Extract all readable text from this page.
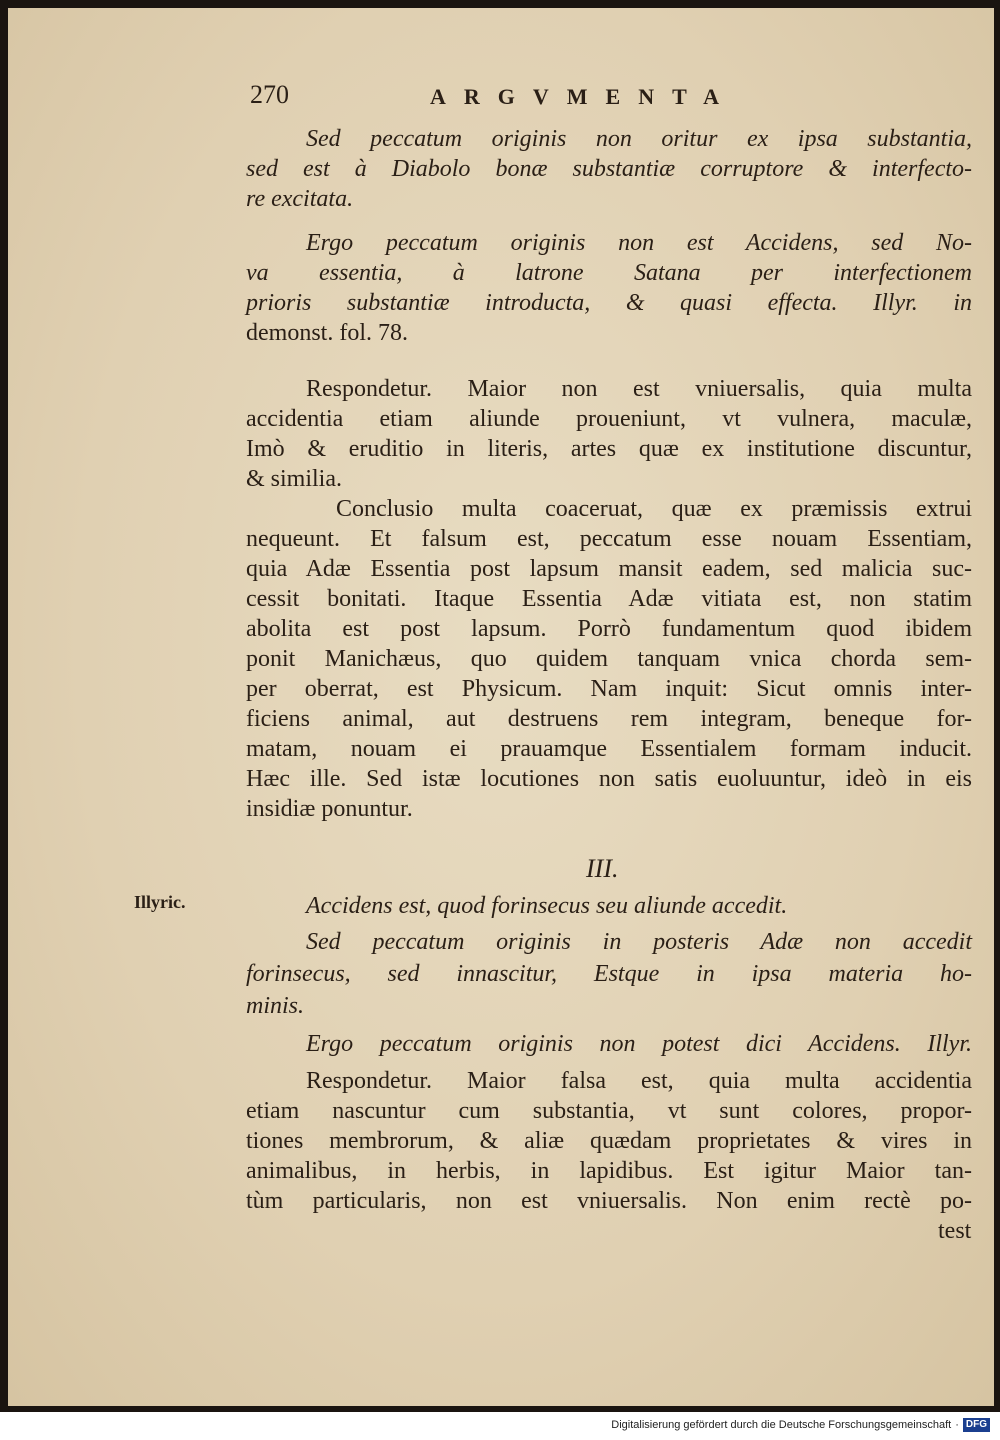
270	ARGVMENTA
Sed peccatum originis non oritur ex ipsa substantia,
sed est à Diabolo bonæ substantiæ corruptore & interfecto-
re excitata.
Ergo peccatum originis non est Accidens, sed No-
va essentia, à latrone Satana per interfectionem
prioris substantiæ introducta, & quasi effecta. Illyr. in
demonst. fol. 78.
Respondetur. Maior non est vniuersalis, quia multa
accidentia etiam aliunde proueniunt, vt vulnera, maculæ,
Imò & eruditio in literis, artes quæ ex institutione discuntur,
& similia.
Conclusio multa coaceruat, quæ ex præmissis extrui
nequeunt. Et falsum est, peccatum esse nouam Essentiam,
quia Adæ Essentia post lapsum mansit eadem, sed malicia suc-
cessit bonitati. Itaque Essentia Adæ vitiata est, non statim
abolita est post lapsum. Porrò fundamentum quod ibidem
ponit Manichæus, quo quidem tanquam vnica chorda sem-
per oberrat, est Physicum. Nam inquit: Sicut omnis inter-
ficiens animal, aut destruens rem integram, beneque for-
matam, nouam ei prauamque Essentialem formam inducit.
Hæc ille. Sed istæ locutiones non satis euoluuntur, ideò in eis
insidiæ ponuntur.
III.
Illyric.	Accidens est, quod forinsecus seu aliunde accedit.
Sed peccatum originis in posteris Adæ non accedit
forinsecus, sed innascitur, Estque in ipsa materia ho-
minis.
Ergo peccatum originis non potest dici Accidens. Illyr.
Respondetur. Maior falsa est, quia multa accidentia
etiam nascuntur cum substantia, vt sunt colores, propor-
tiones membrorum, & aliæ quædam proprietates & vires in
animalibus, in herbis, in lapidibus. Est igitur Maior tan-
tùm particularis, non est vniuersalis. Non enim rectè po-
test
Digitalisierung gefördert durch die Deutsche Forschungsgemeinschaft · DFG
